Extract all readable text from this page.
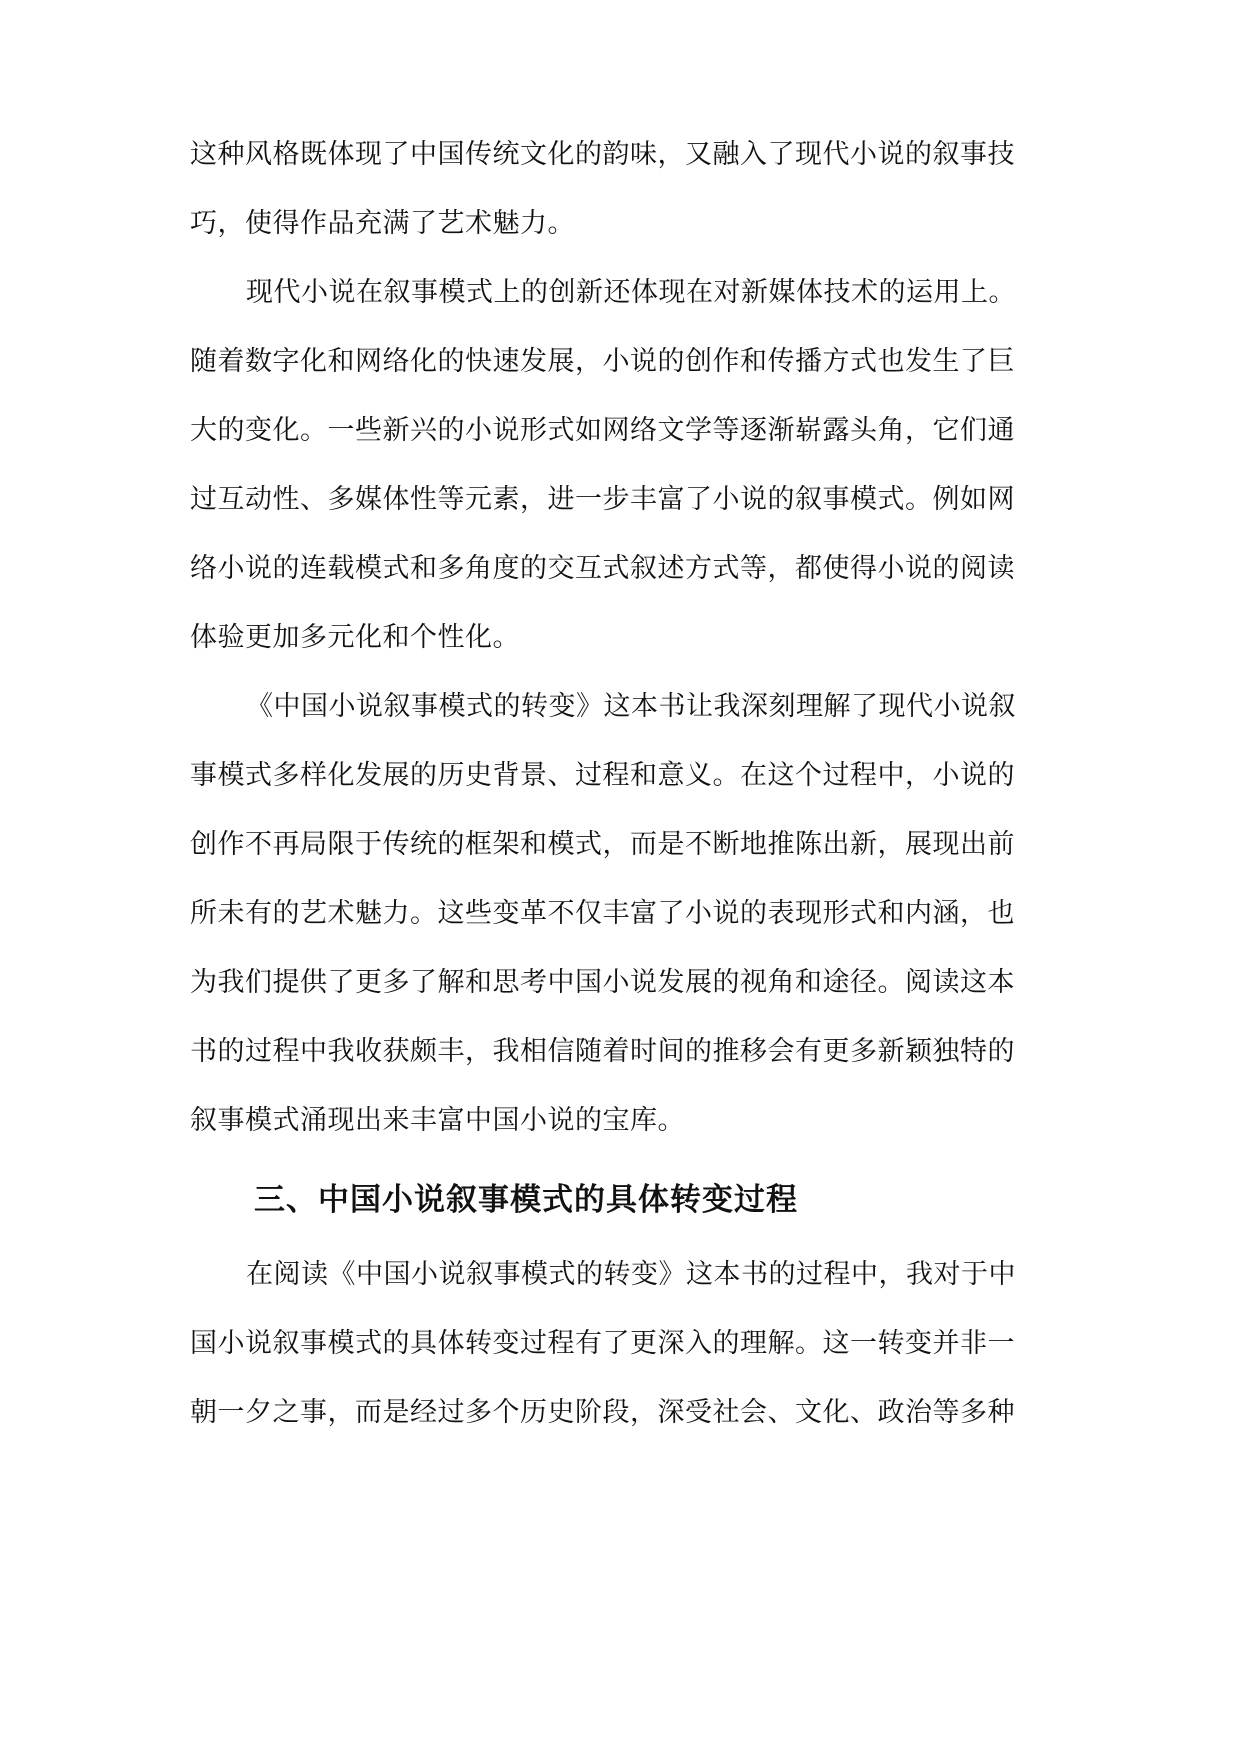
这种风格既体现了中国传统文化的韵味，又融入了现代小说的叙事技
巧，使得作品充满了艺术魅力。
现代小说在叙事模式上的创新还体现在对新媒体技术的运用上。
随着数字化和网络化的快速发展，小说的创作和传播方式也发生了巨
大的变化。一些新兴的小说形式如网络文学等逐渐崭露头角，它们通
过互动性、多媒体性等元素，进一步丰富了小说的叙事模式。例如网
络小说的连载模式和多角度的交互式叙述方式等，都使得小说的阅读
体验更加多元化和个性化。
《中国小说叙事模式的转变》这本书让我深刻理解了现代小说叙
事模式多样化发展的历史背景、过程和意义。在这个过程中，小说的
创作不再局限于传统的框架和模式，而是不断地推陈出新，展现出前
所未有的艺术魅力。这些变革不仅丰富了小说的表现形式和内涵，也
为我们提供了更多了解和思考中国小说发展的视角和途径。阅读这本
书的过程中我收获颇丰，我相信随着时间的推移会有更多新颖独特的
叙事模式涌现出来丰富中国小说的宝库。
三、中国小说叙事模式的具体转变过程
在阅读《中国小说叙事模式的转变》这本书的过程中，我对于中
国小说叙事模式的具体转变过程有了更深入的理解。这一转变并非一
朝一夕之事，而是经过多个历史阶段，深受社会、文化、政治等多种
